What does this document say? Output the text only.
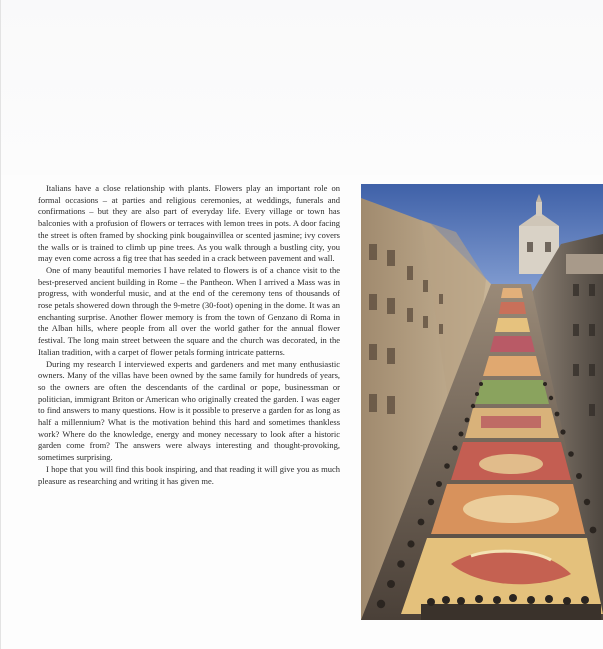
Italians have a close relationship with plants. Flowers play an important role on formal occasions – at parties and religious ceremonies, at weddings, funerals and confirmations – but they are also part of everyday life. Every village or town has balconies with a profusion of flowers or terraces with lemon trees in pots. A door facing the street is often framed by shocking pink bougainvillea or scented jasmine; ivy covers the walls or is trained to climb up pine trees. As you walk through a bustling city, you may even come across a fig tree that has seeded in a crack between pavement and wall.

One of many beautiful memories I have related to flowers is of a chance visit to the best-preserved ancient building in Rome – the Pantheon. When I arrived a Mass was in progress, with wonderful music, and at the end of the ceremony tens of thousands of rose petals showered down through the 9-metre (30-foot) opening in the dome. It was an enchanting surprise. Another flower memory is from the town of Genzano di Roma in the Alban hills, where people from all over the world gather for the annual flower festival. The long main street between the square and the church was decorated, in the Italian tradition, with a carpet of flower petals forming intricate patterns.

During my research I interviewed experts and gardeners and met many enthusiastic owners. Many of the villas have been owned by the same family for hundreds of years, so the owners are often the descendants of the cardinal or pope, businessman or politician, immigrant Briton or American who originally created the garden. I was eager to find answers to many questions. How is it possible to preserve a garden for as long as half a millennium? What is the motivation behind this hard and sometimes thankless work? Where do the knowledge, energy and money necessary to look after a historic garden come from? The answers were always interesting and thought-provoking, sometimes surprising.

I hope that you will find this book inspiring, and that reading it will give you as much pleasure as researching and writing it has given me.
